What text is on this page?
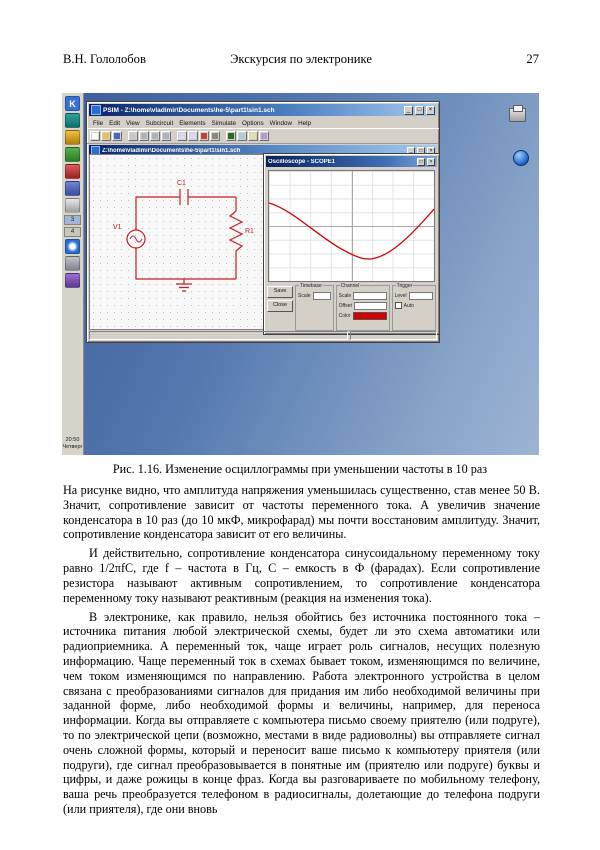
В.Н. Гололобов	Экскурсия по электронике	27
K
3
4
20:50
Четверг
PSIM - Z:\home\vladimir\Documents\he-5\part1\sin1.sch	_	□	×
File Edit View Subcircuit Elements Simulate Options Window Help
Z:\home\vladimir\Documents\he-5\part1\sin1.sch	_	□	×
V1
C1
R1
Oscilloscope - SCOPE1	□	×
Save
Close
Timebase
Scale
Channel
Scale
Offset
Color
Trigger
Level
Auto
Рис. 1.16. Изменение осциллограммы при уменьшении частоты в 10 раз

На рисунке видно, что амплитуда напряжения уменьшилась существенно, став менее 50 В. Значит, сопротивление зависит от частоты переменного тока. А увеличив значение конденсатора в 10 раз (до 10 мкФ, микрофарад) мы почти восстановим амплитуду. Значит, сопротивление конденсатора зависит от его величины.

И действительно, сопротивление конденсатора синусоидальному переменному току равно 1/2πfC, где f – частота в Гц, C – емкость в Ф (фарадах). Если сопротивление резистора называют активным сопротивлением, то сопротивление конденсатора переменному току называют реактивным (реакция на изменения тока).

В электронике, как правило, нельзя обойтись без источника постоянного тока – источника питания любой электрической схемы, будет ли это схема автоматики или радиоприемника. А переменный ток, чаще играет роль сигналов, несущих полезную информацию. Чаще переменный ток в схемах бывает током, изменяющимся по величине, чем током изменяющимся по направлению. Работа электронного устройства в целом связана с преобразованиями сигналов для придания им либо необходимой величины при заданной форме, либо необходимой формы и величины, например, для переноса информации. Когда вы отправляете с компьютера письмо своему приятелю (или подруге), то по электрической цепи (возможно, местами в виде радиоволны) вы отправляете сигнал очень сложной формы, который и переносит ваше письмо к компьютеру приятеля (или подруги), где сигнал преобразовывается в понятные им (приятелю или подруге) буквы и цифры, и даже рожицы в конце фраз. Когда вы разговариваете по мобильному телефону, ваша речь преобразуется телефоном в радиосигналы, долетающие до телефона подруги (или приятеля), где они вновь
